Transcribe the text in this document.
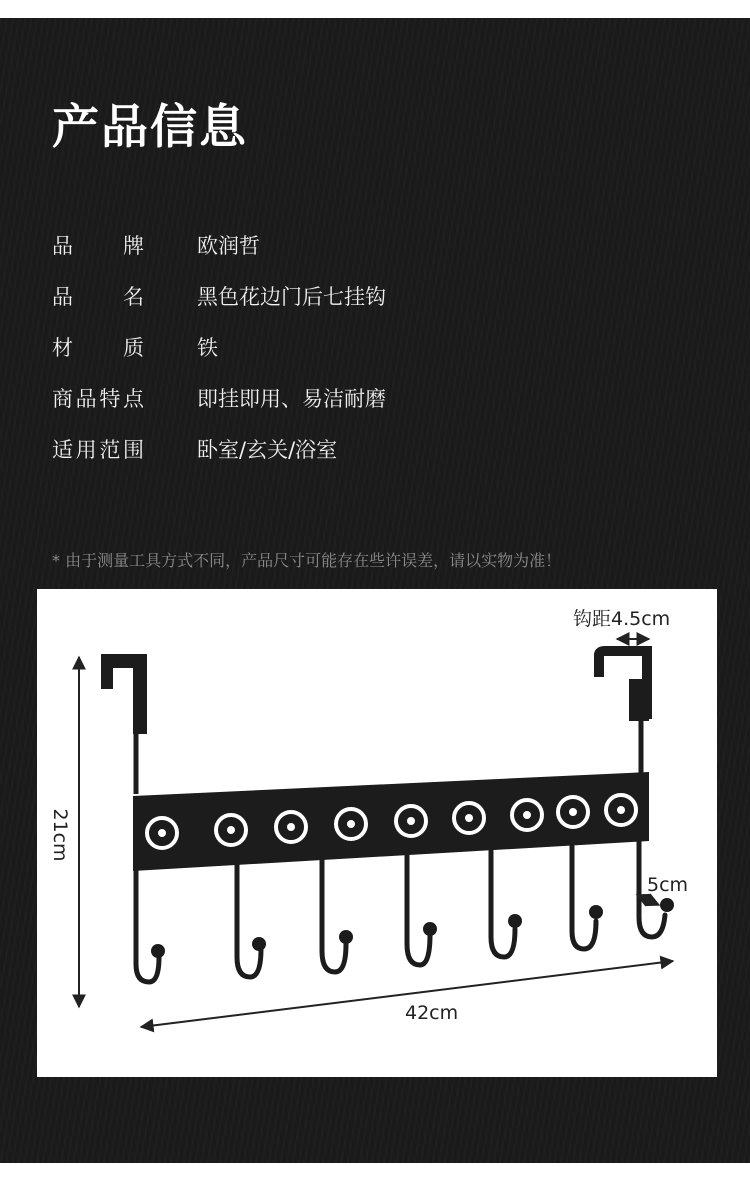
产品信息
品牌	欧润哲
品名	黑色花边门后七挂钩
材质	铁
商品特点	即挂即用、易洁耐磨
适用范围	卧室/玄关/浴室
* 由于测量工具方式不同，产品尺寸可能存在些许误差，请以实物为准！
钩距4.5cm
21cm
5cm
42cm
